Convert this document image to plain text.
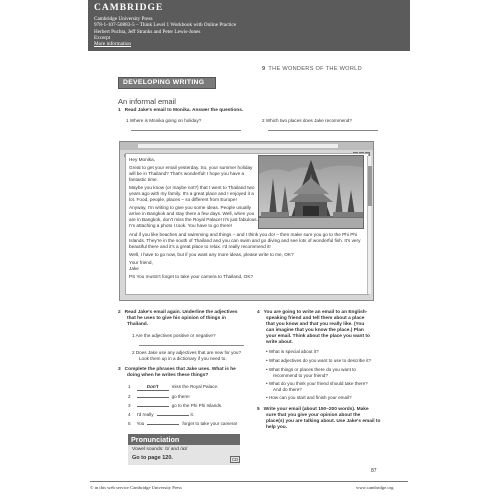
CAMBRIDGE
Cambridge University Press
978-1-107-50883-5 – Think Level 1 Workbook with Online Practice
Herbert Puchta, Jeff Stranks and Peter Lewis-Jones
Excerpt
More information
9 THE WONDERS OF THE WORLD
DEVELOPING WRITING
An informal email
1 Read Jake's email to Monika. Answer the questions.
1 Where is Monika going on holiday?	2 Which two places does Jake recommend?
Hey Monika,
Great to get your email yesterday. So, your summer holiday
will be in Thailand? That's wonderful! I hope you have a
fantastic time.
Maybe you know (or maybe not?) that I went to Thailand two
years ago with my family. It's a great place and I enjoyed it a
lot. Food, people, places – so different from Europe!
Anyway, I'm writing to give you some ideas. People usually
arrive in Bangkok and stay there a few days. Well, when you
are in Bangkok, don't miss the Royal Palace! It's just fabulous.
I'm attaching a photo I took. You have to go there!
And if you like beaches and swimming and things – and I think you do! – then make sure you go to the Phi Phi
Islands. They're in the south of Thailand and you can swim and go diving and see lots of wonderful fish. It's very
beautiful there and it's a great place to relax. I'd really recommend it!
Well, I have to go now, but if you want any more ideas, please write to me, OK?
Your friend,
Jake
PS You mustn't forget to take your camera to Thailand, OK?
2 Read Jake's email again. Underline the adjectives
that he uses to give his opinion of things in
Thailand.
1 Are the adjectives positive or negative?
2 Does Jake use any adjectives that are new for you?
Look them up in a dictionary if you need to.
3 Complete the phrases that Jake uses. What is he
doing when he writes these things?
1	Don't	miss the Royal Palace.
2	go there!
3	go to the Phi Phi Islands.
4 I'd really	it.
5 You	forget to take your camera!
Pronunciation
Vowel sounds: /ɪ/ and /aɪ/
Go to page 120.	CD
4 You are going to write an email to an English-
speaking friend and tell them about a place
that you know and that you really like. (You
can imagine that you know the place.) Plan
your email. Think about the place you want to
write about.
• What is special about it?
• What adjectives do you want to use to describe it?
• What things or places there do you want to
recommend to your friend?
• What do you think your friend should take there?
And do there?
• How can you start and finish your email?
5 Write your email (about 150–200 words). Make
sure that you give your opinion about the
place(s) you are talking about. Use Jake's email to
help you.
87
© in this web service Cambridge University Press	www.cambridge.org
